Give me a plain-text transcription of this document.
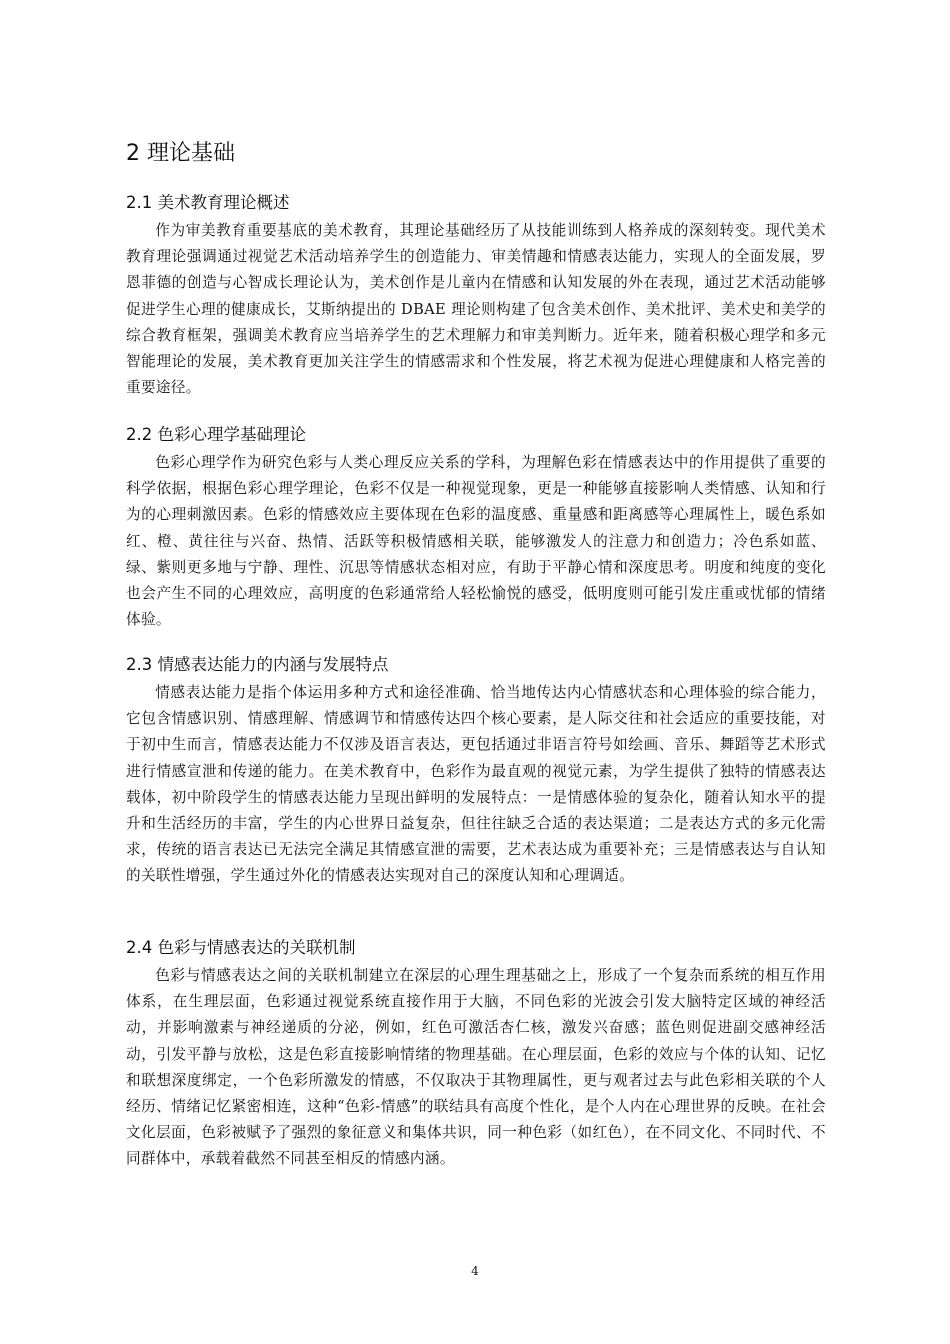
2 理论基础
2.1 美术教育理论概述

作为审美教育重要基底的美术教育，其理论基础经历了从技能训练到人格养成的深刻转变。现代美术教育理论强调通过视觉艺术活动培养学生的创造能力、审美情趣和情感表达能力，实现人的全面发展，罗恩菲德的创造与心智成长理论认为，美术创作是儿童内在情感和认知发展的外在表现，通过艺术活动能够促进学生心理的健康成长，艾斯纳提出的 DBAE 理论则构建了包含美术创作、美术批评、美术史和美学的综合教育框架，强调美术教育应当培养学生的艺术理解力和审美判断力。近年来，随着积极心理学和多元智能理论的发展，美术教育更加关注学生的情感需求和个性发展，将艺术视为促进心理健康和人格完善的重要途径。

2.2 色彩心理学基础理论

色彩心理学作为研究色彩与人类心理反应关系的学科，为理解色彩在情感表达中的作用提供了重要的科学依据，根据色彩心理学理论，色彩不仅是一种视觉现象，更是一种能够直接影响人类情感、认知和行为的心理刺激因素。色彩的情感效应主要体现在色彩的温度感、重量感和距离感等心理属性上，暖色系如红、橙、黄往往与兴奋、热情、活跃等积极情感相关联，能够激发人的注意力和创造力；冷色系如蓝、绿、紫则更多地与宁静、理性、沉思等情感状态相对应，有助于平静心情和深度思考。明度和纯度的变化也会产生不同的心理效应，高明度的色彩通常给人轻松愉悦的感受，低明度则可能引发庄重或忧郁的情绪体验。

2.3 情感表达能力的内涵与发展特点

情感表达能力是指个体运用多种方式和途径准确、恰当地传达内心情感状态和心理体验的综合能力，它包含情感识别、情感理解、情感调节和情感传达四个核心要素，是人际交往和社会适应的重要技能，对于初中生而言，情感表达能力不仅涉及语言表达，更包括通过非语言符号如绘画、音乐、舞蹈等艺术形式进行情感宣泄和传递的能力。在美术教育中，色彩作为最直观的视觉元素，为学生提供了独特的情感表达载体，初中阶段学生的情感表达能力呈现出鲜明的发展特点：一是情感体验的复杂化，随着认知水平的提升和生活经历的丰富，学生的内心世界日益复杂，但往往缺乏合适的表达渠道；二是表达方式的多元化需求，传统的语言表达已无法完全满足其情感宣泄的需要，艺术表达成为重要补充；三是情感表达与自认知的关联性增强，学生通过外化的情感表达实现对自己的深度认知和心理调适。

2.4 色彩与情感表达的关联机制

色彩与情感表达之间的关联机制建立在深层的心理生理基础之上，形成了一个复杂而系统的相互作用体系，在生理层面，色彩通过视觉系统直接作用于大脑，不同色彩的光波会引发大脑特定区域的神经活动，并影响激素与神经递质的分泌，例如，红色可激活杏仁核，激发兴奋感；蓝色则促进副交感神经活动，引发平静与放松，这是色彩直接影响情绪的物理基础。在心理层面，色彩的效应与个体的认知、记忆和联想深度绑定，一个色彩所激发的情感，不仅取决于其物理属性，更与观者过去与此色彩相关联的个人经历、情绪记忆紧密相连，这种“色彩-情感”的联结具有高度个性化，是个人内在心理世界的反映。在社会文化层面，色彩被赋予了强烈的象征意义和集体共识，同一种色彩（如红色），在不同文化、不同时代、不同群体中，承载着截然不同甚至相反的情感内涵。

4
